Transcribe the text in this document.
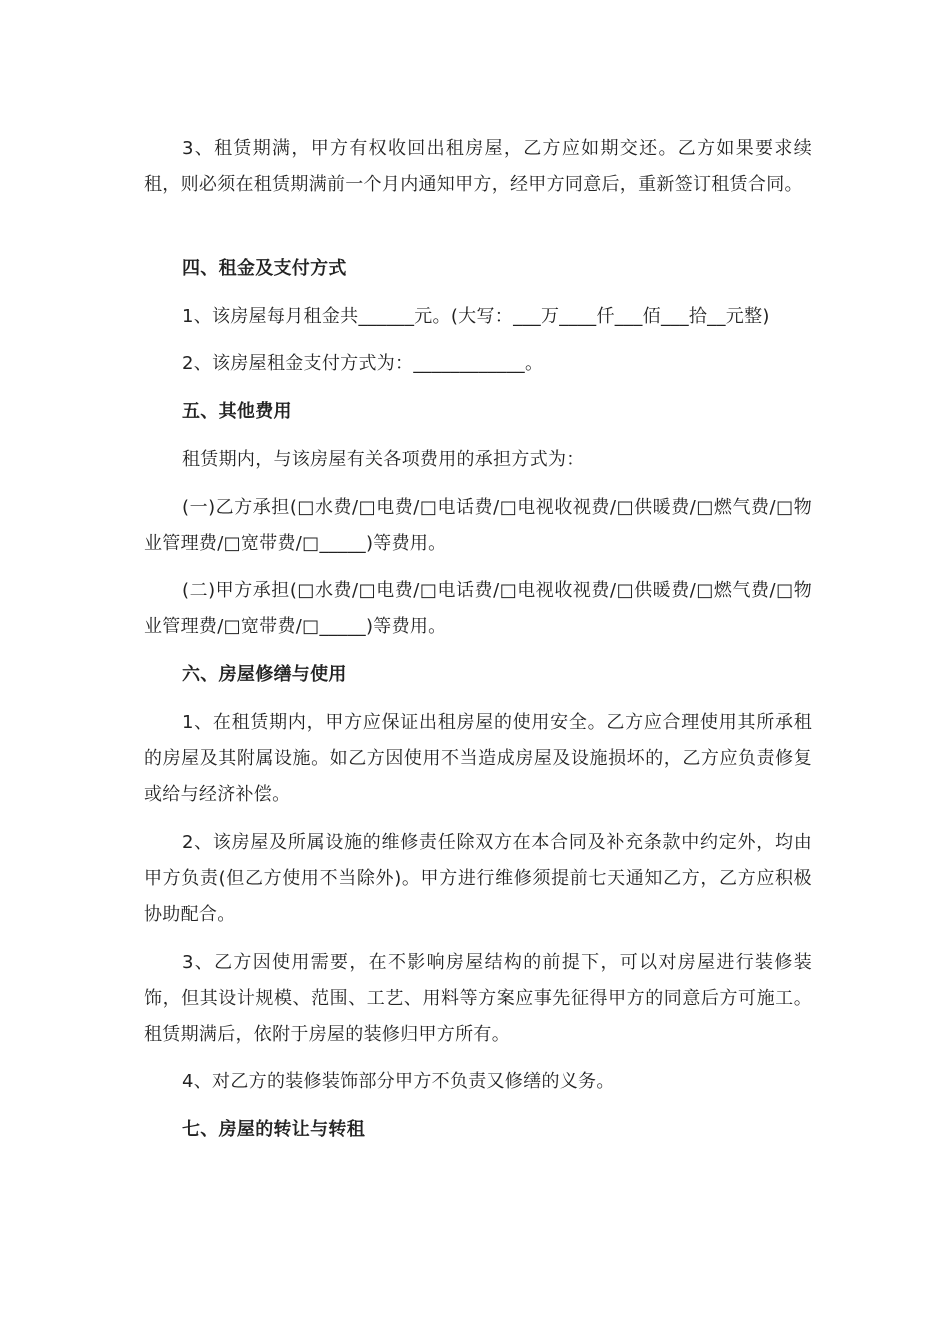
3、租赁期满，甲方有权收回出租房屋，乙方应如期交还。乙方如果要求续租，则必须在租赁期满前一个月内通知甲方，经甲方同意后，重新签订租赁合同。

四、租金及支付方式

1、该房屋每月租金共______元。(大写：___万____仟___佰___拾__元整)

2、该房屋租金支付方式为：____________。

五、其他费用

租赁期内，与该房屋有关各项费用的承担方式为：

(一)乙方承担(□水费/□电费/□电话费/□电视收视费/□供暖费/□燃气费/□物业管理费/□宽带费/□_____)等费用。

(二)甲方承担(□水费/□电费/□电话费/□电视收视费/□供暖费/□燃气费/□物业管理费/□宽带费/□_____)等费用。

六、房屋修缮与使用

1、在租赁期内，甲方应保证出租房屋的使用安全。乙方应合理使用其所承租的房屋及其附属设施。如乙方因使用不当造成房屋及设施损坏的，乙方应负责修复或给与经济补偿。

2、该房屋及所属设施的维修责任除双方在本合同及补充条款中约定外，均由甲方负责(但乙方使用不当除外)。甲方进行维修须提前七天通知乙方，乙方应积极协助配合。

3、乙方因使用需要，在不影响房屋结构的前提下，可以对房屋进行装修装饰，但其设计规模、范围、工艺、用料等方案应事先征得甲方的同意后方可施工。租赁期满后，依附于房屋的装修归甲方所有。

4、对乙方的装修装饰部分甲方不负责又修缮的义务。

七、房屋的转让与转租
